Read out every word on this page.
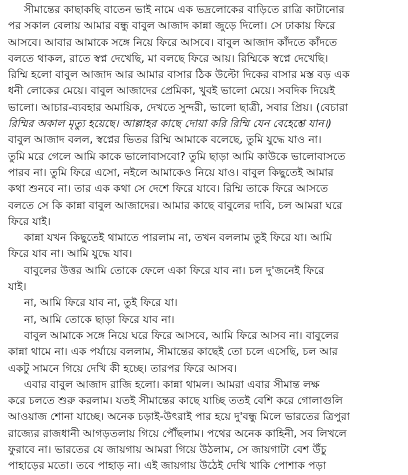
সীমান্তের কাছাকছি বাতেন ভাই নামে এক ভদ্রলোকের বাড়িতে রাত্রি কাটানোর
পর সকাল বেলায় আমার বন্ধু বাবুল আজাদ কান্না জুড়ে দিলো। সে ঢাকায় ফিরে
আসবে। আবার আমাকে সঙ্গে নিয়ে ফিরে আসবে। বাবুল আজাদ কাঁদতে কাঁদতে
বলতে থাকল, রাতে স্বপ্ন দেখেছি, মা বলছে ফিরে আয়। রিম্মিকে স্বপ্নে দেখেছি।
রিম্মি হলো বাবুল আজাদ আর আমার বাসার ঠিক উল্টো দিকের বাসার মস্ত বড় এক
ধনী লোকের মেয়ে। বাবুল আজাদের প্রেমিকা, খুবই ভালো মেয়ে। সবদিক দিয়েই
ভালো। আচার-ব্যবহার অমায়িক, দেখতে সুন্দরী, ভালো ছাত্রী, সবার প্রিয়। (বেচারা
রিম্মির অকাল মৃত্যু হয়েছে। আল্লাহর কাছে দোয়া করি রিম্মি যেন বেহেশ্তে যান।)
বাবুল আজাদ বলল, স্বপ্নের ভিতর রিম্মি আমাকে বলেছে, তুমি যুদ্ধে যাও না।
তুমি মরে গেলে আমি কাকে ভালোবাসবো? তুমি ছাড়া আমি কাউকে ভালোবাসতে
পারব না। তুমি ফিরে এসো, নইলে আমাকেও নিয়ে যাও। বাবুল কিছুতেই আমার
কথা শুনবে না। তার এক কথা সে দেশে ফিরে যাবে। রিম্মি তাকে ফিরে আসতে
বলতে সে কি কান্না বাবুল আজাদের। আমার কাছে বাবুলের দাবি, চল আমরা ঘরে
ফিরে যাই।

কান্না যখন কিছুতেই থামাতে পারলাম না, তখন বললাম তুই ফিরে যা। আমি
ফিরে যাব না। আমি যুদ্ধে যাব।

বাবুলের উত্তর আমি তোকে ফেলে একা ফিরে যাব না। চল দু'জনেই ফিরে
যাই।

না, আমি ফিরে যাব না, তুই ফিরে যা।

না, আমি তোকে ছাড়া ফিরে যাব না।

বাবুল আমাকে সঙ্গে নিয়ে ঘরে ফিরে আসবে, আমি ফিরে আসব না। বাবুলের
কান্না থামে না। এক পর্যায়ে বললাম, সীমান্তের কাছেই তো চলে এসেছি, চল আর
একটু সামনে গিয়ে দেখি কী হচ্ছে। তারপর ফিরে আসব।

এবার বাবুল আজাদ রাজি হলো। কান্না থামল। আমরা এবার সীমান্ত লক্ষ
করে চলতে শুরু করলাম। যতই সীমান্তের কাছে যাচ্ছি ততই বেশি করে গোলাগুলি
আওয়াজ শোনা যাচ্ছে। অনেক চড়াই-উৎরাই পার হয়ে দু'বন্ধু মিলে ভারতের ত্রিপুরা
রাজ্যের রাজধানী আগড়তলায় গিয়ে পৌঁছলাম। পথের অনেক কাহিনী, সব লিখলে
ফুরাবে না। ভারতের যে জায়গায় আমরা গিয়ে উঠলাম, সে জায়গাটা বেশ উঁচু
পাহাড়ের মতো। তবে পাহাড় না। এই জায়গায় উঠেই দেখি খাকি পোশাক পড়া
